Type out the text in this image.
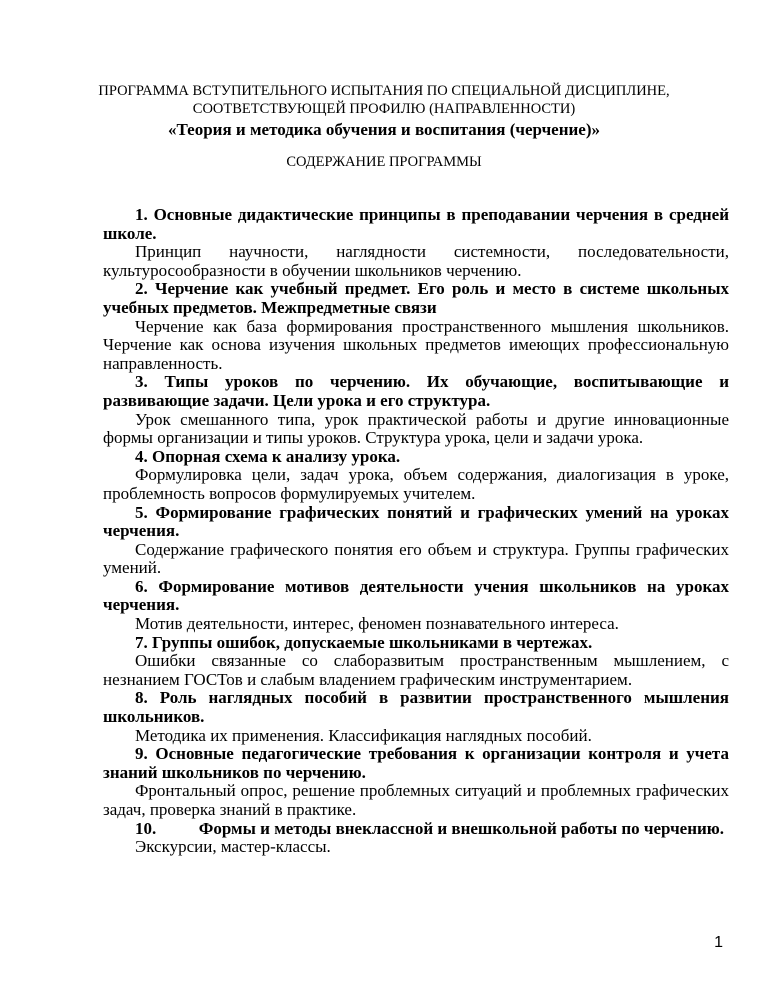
ПРОГРАММА ВСТУПИТЕЛЬНОГО ИСПЫТАНИЯ ПО СПЕЦИАЛЬНОЙ ДИСЦИПЛИНЕ,
СООТВЕТСТВУЮЩЕЙ ПРОФИЛЮ (НАПРАВЛЕННОСТИ)
«Теория и методика обучения и воспитания (черчение)»
СОДЕРЖАНИЕ ПРОГРАММЫ

1. Основные дидактические принципы в преподавании черчения в средней школе.

Принцип научности, наглядности системности, последовательности, культуросообразности в обучении школьников черчению.

2. Черчение как учебный предмет. Его роль и место в системе школьных учебных предметов. Межпредметные связи

Черчение как база формирования пространственного мышления школьников. Черчение как основа изучения школьных предметов имеющих профессиональную направленность.

3. Типы уроков по черчению. Их обучающие, воспитывающие и развивающие задачи. Цели урока и его структура.

Урок смешанного типа, урок практической работы и другие инновационные формы организации и типы уроков. Структура урока, цели и задачи урока.

4. Опорная схема к анализу урока.

Формулировка цели, задач урока, объем содержания, диалогизация в уроке, проблемность вопросов формулируемых учителем.

5. Формирование графических понятий и графических умений на уроках черчения.

Содержание графического понятия его объем и структура. Группы графических умений.

6. Формирование мотивов деятельности учения школьников на уроках черчения.

Мотив деятельности, интерес, феномен познавательного интереса.

7. Группы ошибок, допускаемые школьниками в чертежах.

Ошибки связанные со слаборазвитым пространственным мышлением, с незнанием ГОСТов и слабым владением графическим инструментарием.

8. Роль наглядных пособий в развитии пространственного мышления школьников.

Методика их применения. Классификация наглядных пособий.

9. Основные педагогические требования к организации контроля и учета знаний школьников по черчению.

Фронтальный опрос, решение проблемных ситуаций и проблемных графических задач, проверка знаний в практике.

10.          Формы и методы внеклассной и внешкольной работы по черчению.

Экскурсии, мастер-классы.

1
